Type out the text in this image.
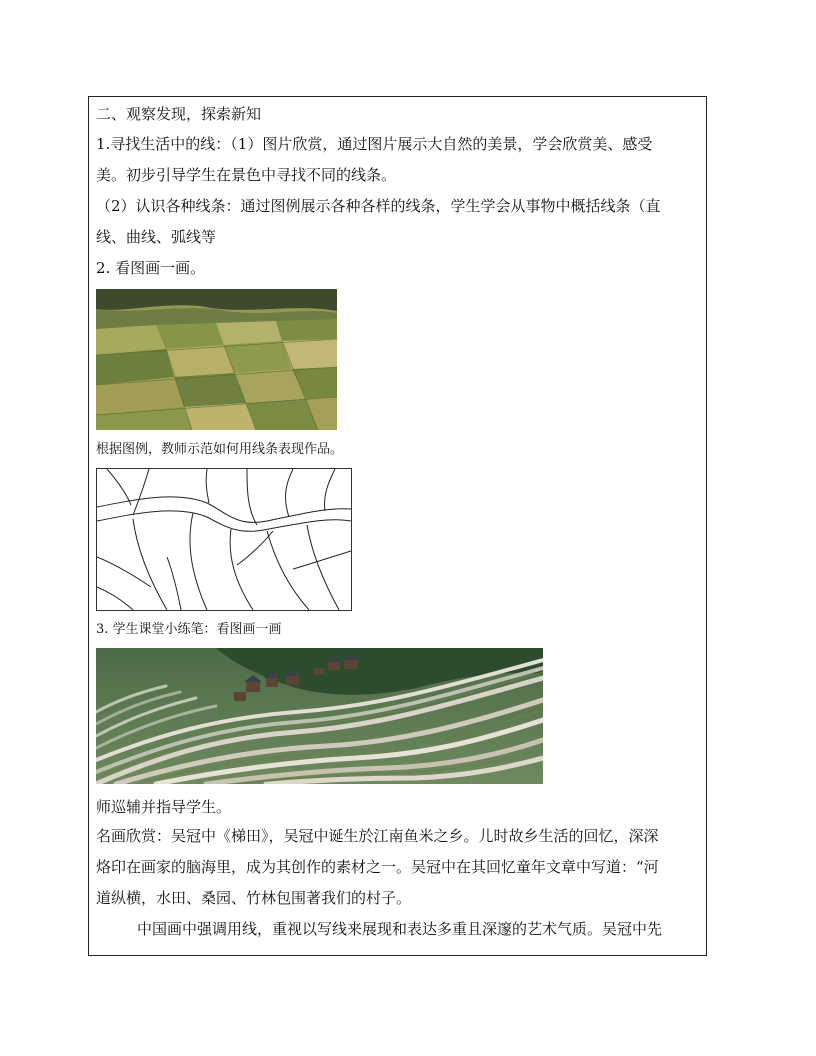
二、观察发现，探索新知
1.寻找生活中的线：（1）图片欣赏，通过图片展示大自然的美景，学会欣赏美、感受
美。初步引导学生在景色中寻找不同的线条。
（2）认识各种线条：通过图例展示各种各样的线条，学生学会从事物中概括线条（直
线、曲线、弧线等
2. 看图画一画。
根据图例，教师示范如何用线条表现作品。
3. 学生课堂小练笔：看图画一画
师巡辅并指导学生。
名画欣赏：吴冠中《梯田》，吴冠中诞生於江南鱼米之乡。儿时故乡生活的回忆，深深
烙印在画家的脑海里，成为其创作的素材之一。吴冠中在其回忆童年文章中写道：“河
道纵横，水田、桑园、竹林包围著我们的村子。
中国画中强调用线，重视以写线来展现和表达多重且深邃的艺术气质。吴冠中先
